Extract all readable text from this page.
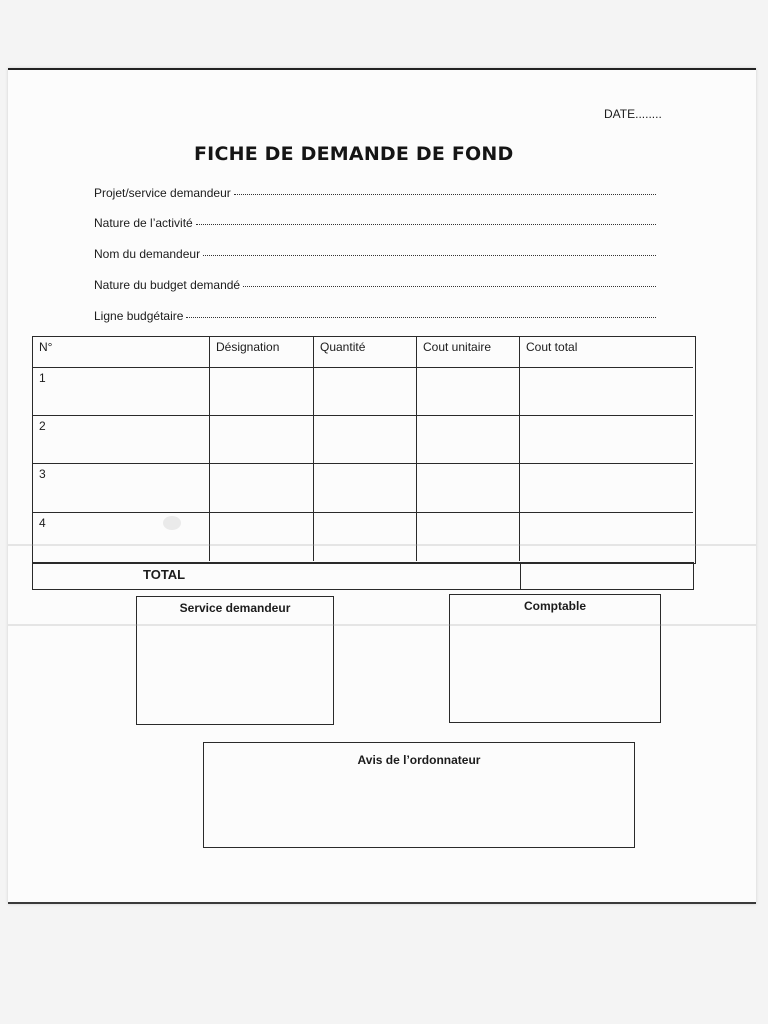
DATE........
FICHE DE DEMANDE DE FOND
Projet/service demandeur
Nature de l’activité
Nom du demandeur
Nature du budget demandé
Ligne budgétaire
N°	Désignation	Quantité	Cout unitaire	Cout total
1
2
3
4
TOTAL
Service demandeur	Comptable
Avis de l’ordonnateur
